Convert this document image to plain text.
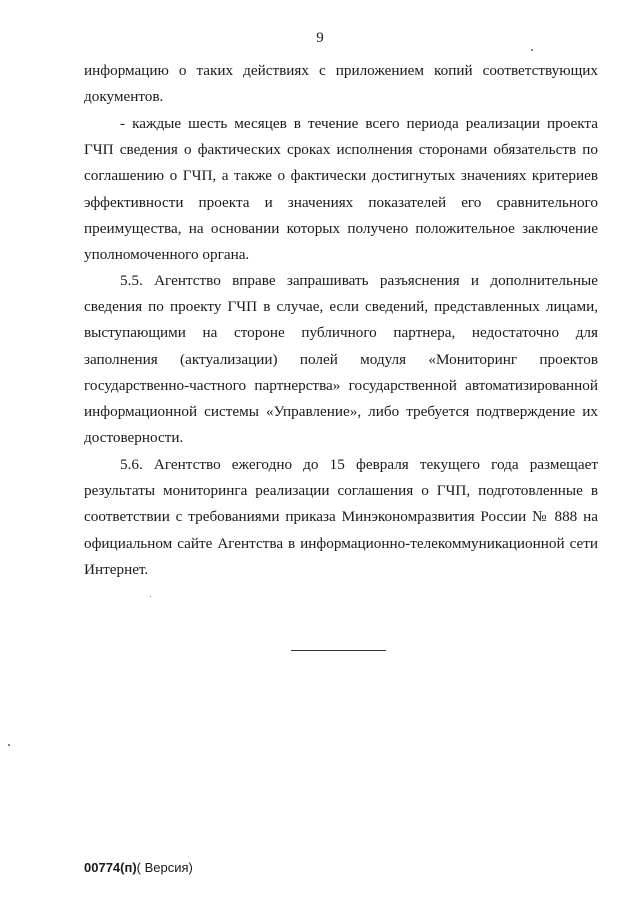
9

информацию о таких действиях с приложением копий соответствующих документов.

- каждые шесть месяцев в течение всего периода реализации проекта ГЧП сведения о фактических сроках исполнения сторонами обязательств по соглашению о ГЧП, а также о фактически достигнутых значениях критериев эффективности проекта и значениях показателей его сравнительного преимущества, на основании которых получено положительное заключение уполномоченного органа.

5.5. Агентство вправе запрашивать разъяснения и дополнительные сведения по проекту ГЧП в случае, если сведений, представленных лицами, выступающими на стороне публичного партнера, недостаточно для заполнения (актуализации) полей модуля «Мониторинг проектов государственно-частного партнерства» государственной автоматизированной информационной системы «Управление», либо требуется подтверждение их достоверности.

5.6. Агентство ежегодно до 15 февраля текущего года размещает результаты мониторинга реализации соглашения о ГЧП, подготовленные в соответствии с требованиями приказа Минэкономразвития России № 888 на официальном сайте Агентства в информационно-телекоммуникационной сети Интернет.

00774(п)( Версия)
